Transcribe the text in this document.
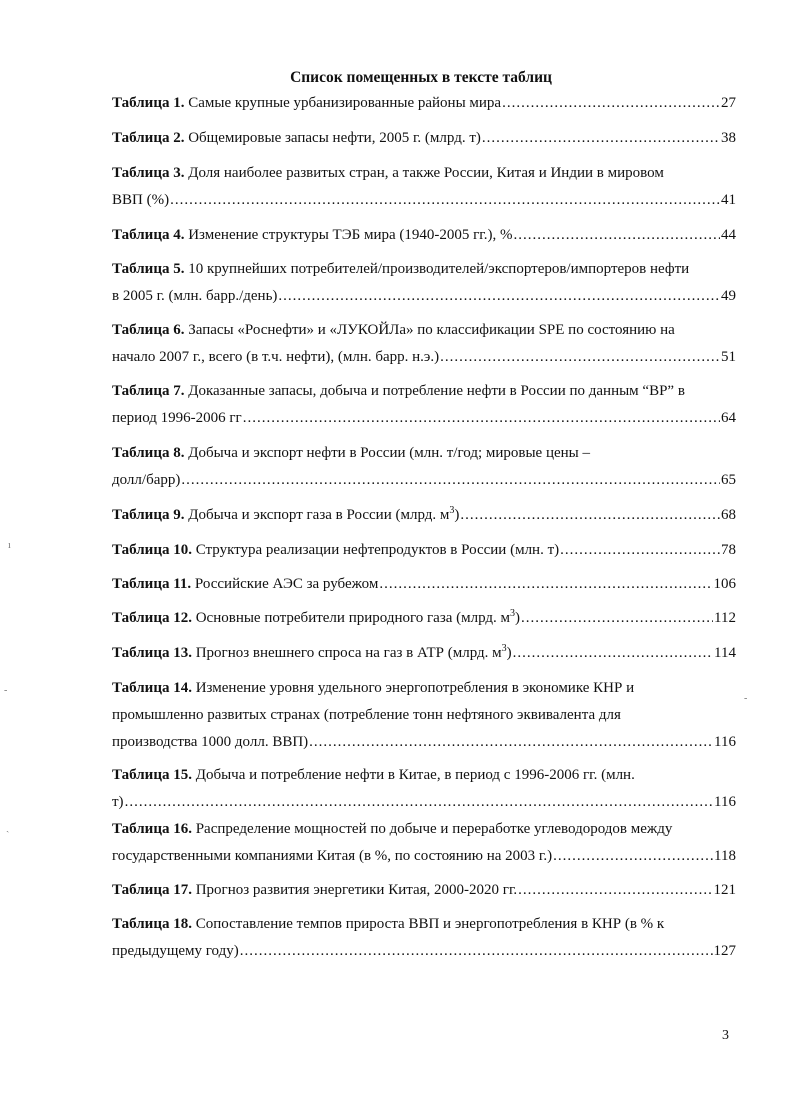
Список помещенных в тексте таблиц
Таблица 1. Самые крупные урбанизированные районы мира .....	27
Таблица 2. Общемировые запасы нефти, 2005 г. (млрд. т) .....	38
Таблица 3. Доля наиболее развитых стран, а также России, Китая и Индии в мировом
ВВП (%) .....	41
Таблица 4. Изменение структуры ТЭБ мира (1940-2005 гг.), % .....	44
Таблица 5. 10 крупнейших потребителей/производителей/экспортеров/импортеров нефти
в 2005 г. (млн. барр./день) .....	49
Таблица 6. Запасы «Роснефти» и «ЛУКОЙЛа» по классификации SPE по состоянию на
начало 2007 г., всего (в т.ч. нефти), (млн. барр. н.э.) .....	51
Таблица 7. Доказанные запасы, добыча и потребление нефти в России по данным “BP” в
период 1996-2006 гг .....	64
Таблица 8. Добыча и экспорт нефти в России (млн. т/год; мировые цены –
долл/барр) .....	65
Таблица 9. Добыча и экспорт газа в России (млрд. $м^3$) .....	68
Таблица 10. Структура реализации нефтепродуктов в России (млн. т) .....	78
Таблица 11. Российские АЭС за рубежом .....	106
Таблица 12. Основные потребители природного газа (млрд. $м^3$) .....	112
Таблица 13. Прогноз внешнего спроса на газ в АТР (млрд. $м^3$) .....	114
Таблица 14. Изменение уровня удельного энергопотребления в экономике КНР и
промышленно развитых странах (потребление тонн нефтяного эквивалента для
производства 1000 долл. ВВП) .....	116
Таблица 15. Добыча и потребление нефти в Китае, в период с 1996-2006 гг. (млн.
т) .....	116
Таблица 16. Распределение мощностей по добыче и переработке углеводородов между
государственными компаниями Китая (в %, по состоянию на 2003 г.) .....	118
Таблица 17. Прогноз развития энергетики Китая, 2000-2020 гг. .....	121
Таблица 18. Сопоставление темпов прироста ВВП и энергопотребления в КНР (в % к
предыдущему году) .....	127
ı
-
ˎ
-
3
